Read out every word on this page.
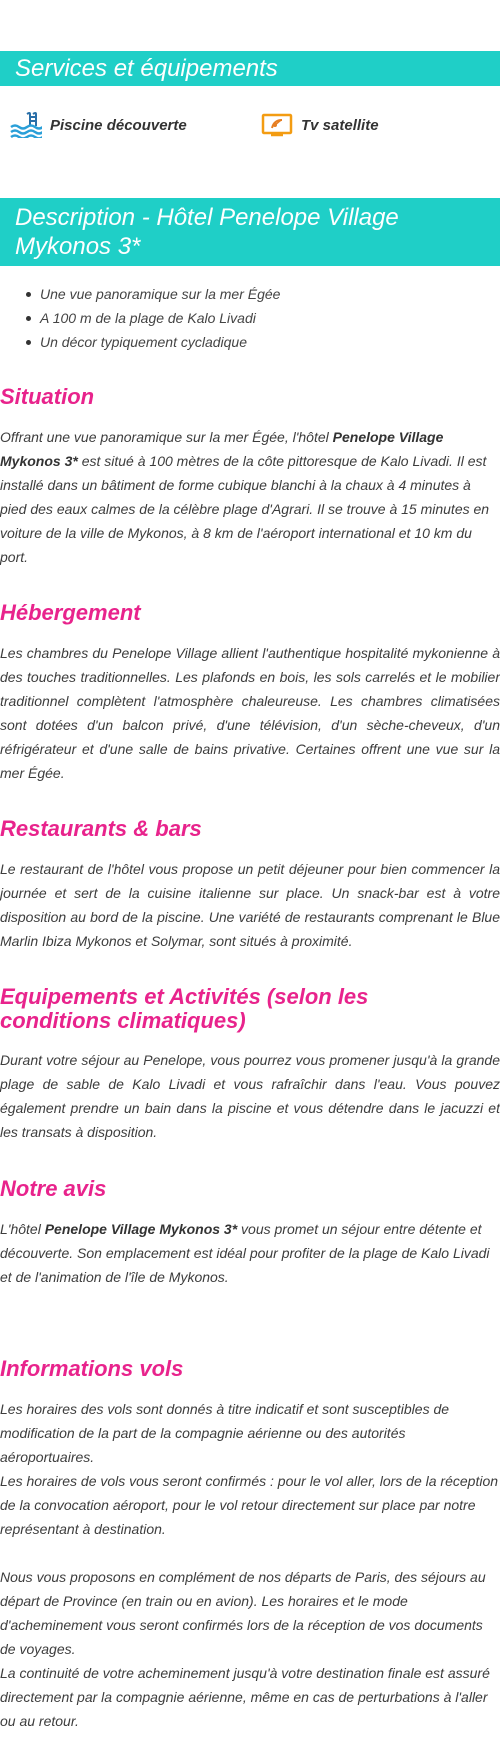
Services et équipements
Piscine découverte	Tv satellite
Description - Hôtel Penelope Village Mykonos 3*
Une vue panoramique sur la mer Égée
A 100 m de la plage de Kalo Livadi
Un décor typiquement cycladique
Situation

Offrant une vue panoramique sur la mer Égée, l'hôtel Penelope Village Mykonos 3* est situé à 100 mètres de la côte pittoresque de Kalo Livadi. Il est installé dans un bâtiment de forme cubique blanchi à la chaux à 4 minutes à pied des eaux calmes de la célèbre plage d'Agrari. Il se trouve à 15 minutes en voiture de la ville de Mykonos, à 8 km de l'aéroport international et 10 km du port.

Hébergement

Les chambres du Penelope Village allient l'authentique hospitalité mykonienne à des touches traditionnelles. Les plafonds en bois, les sols carrelés et le mobilier traditionnel complètent l'atmosphère chaleureuse. Les chambres climatisées sont dotées d'un balcon privé, d'une télévision, d'un sèche-cheveux, d'un réfrigérateur et d'une salle de bains privative. Certaines offrent une vue sur la mer Égée.

Restaurants & bars

Le restaurant de l'hôtel vous propose un petit déjeuner pour bien commencer la journée et sert de la cuisine italienne sur place. Un snack-bar est à votre disposition au bord de la piscine. Une variété de restaurants comprenant le Blue Marlin Ibiza Mykonos et Solymar, sont situés à proximité.

Equipements et Activités (selon les conditions climatiques)

Durant votre séjour au Penelope, vous pourrez vous promener jusqu'à la grande plage de sable de Kalo Livadi et vous rafraîchir dans l'eau. Vous pouvez également prendre un bain dans la piscine et vous détendre dans le jacuzzi et les transats à disposition.

Notre avis

L'hôtel Penelope Village Mykonos 3* vous promet un séjour entre détente et découverte. Son emplacement est idéal pour profiter de la plage de Kalo Livadi et de l'animation de l'île de Mykonos.

Informations vols

Les horaires des vols sont donnés à titre indicatif et sont susceptibles de modification de la part de la compagnie aérienne ou des autorités aéroportuaires.

Les horaires de vols vous seront confirmés : pour le vol aller, lors de la réception de la convocation aéroport, pour le vol retour directement sur place par notre représentant à destination.

Nous vous proposons en complément de nos départs de Paris, des séjours au départ de Province (en train ou en avion). Les horaires et le mode d'acheminement vous seront confirmés lors de la réception de vos documents de voyages.

La continuité de votre acheminement jusqu'à votre destination finale est assuré directement par la compagnie aérienne, même en cas de perturbations à l'aller ou au retour.
